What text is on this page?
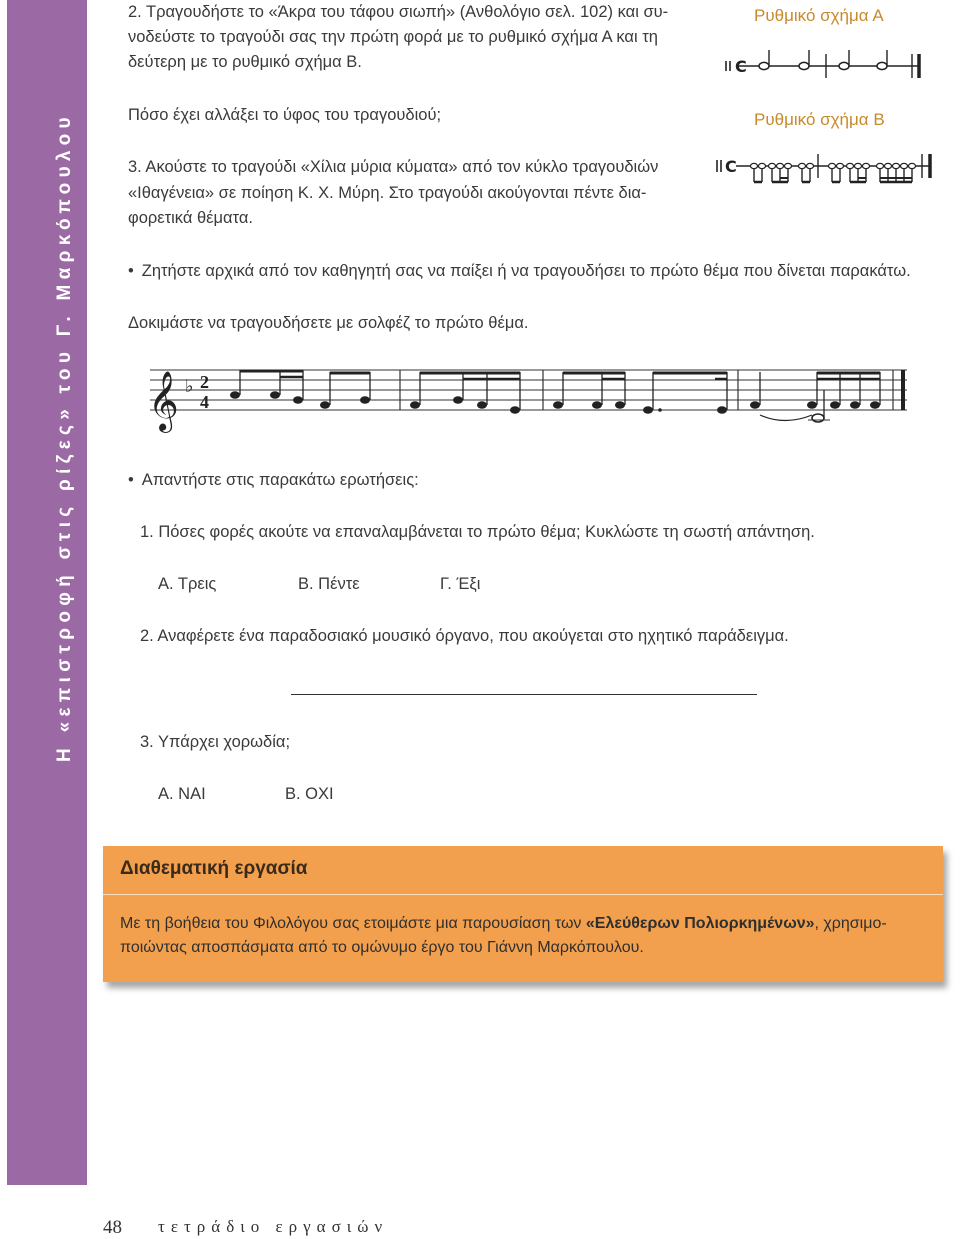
Η «επιστροφή στις ρίζες» του Γ. Μαρκόπουλου
Ρυθμικό σχήμα Α
Ρυθμικό σχήμα Β
C
C
2. Τραγουδήστε το «Άκρα του τάφου σιωπή» (Ανθολόγιο σελ. 102) και συ-
νοδεύστε το τραγούδι σας την πρώτη φορά με το ρυθμικό σχήμα Α και τη
δεύτερη με το ρυθμικό σχήμα Β.
Πόσο έχει αλλάξει το ύφος του τραγουδιού;
3. Ακούστε το τραγούδι «Χίλια μύρια κύματα» από τον κύκλο τραγουδιών
«Ιθαγένεια» σε ποίηση Κ. Χ. Μύρη. Στο τραγούδι ακούγονται πέντε δια-
φορετικά θέματα.
• Ζητήστε αρχικά από τον καθηγητή σας να παίξει ή να τραγουδήσει το πρώτο θέμα που δίνεται παρακάτω.
Δοκιμάστε να τραγουδήσετε με σολφέζ το πρώτο θέμα.
𝄞 ♭ 2
4
• Απαντήστε στις παρακάτω ερωτήσεις:
1. Πόσες φορές ακούτε να επαναλαμβάνεται το πρώτο θέμα; Κυκλώστε τη σωστή απάντηση.
Α. Τρεις	Β. Πέντε	Γ. Έξι
2. Αναφέρετε ένα παραδοσιακό μουσικό όργανο, που ακούγεται στο ηχητικό παράδειγμα.
3. Υπάρχει χορωδία;
Α. ΝΑΙ	Β. ΟΧΙ
Διαθεματική εργασία
Με τη βοήθεια του Φιλολόγου σας ετοιμάστε μια παρουσίαση των «Ελεύθερων Πολιορκημένων», χρησιμο-
ποιώντας αποσπάσματα από το ομώνυμο έργο του Γιάννη Μαρκόπουλου.
48 τετράδιο εργασιών
